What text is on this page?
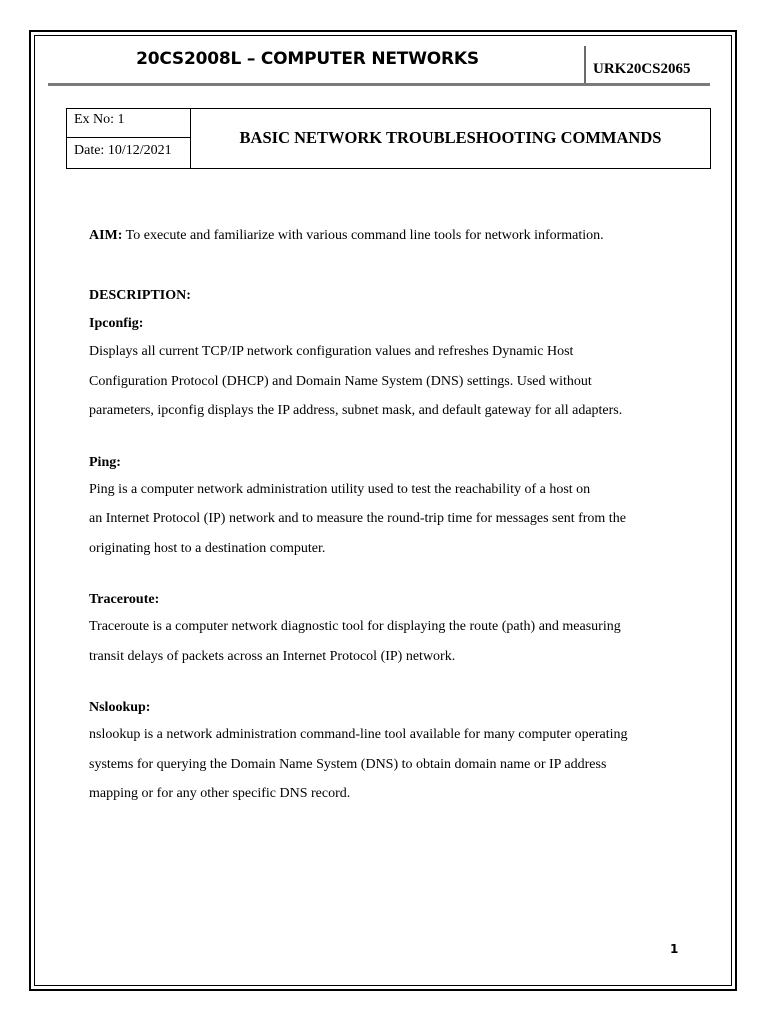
20CS2008L – COMPUTER NETWORKS	URK20CS2065
Ex No: 1
Date: 10/12/2021
BASIC NETWORK TROUBLESHOOTING COMMANDS

AIM: To execute and familiarize with various command line tools for network information.

DESCRIPTION:

Ipconfig:

Displays all current TCP/IP network configuration values and refreshes Dynamic Host

Configuration Protocol (DHCP) and Domain Name System (DNS) settings. Used without

parameters, ipconfig displays the IP address, subnet mask, and default gateway for all adapters.

Ping:

Ping is a computer network administration utility used to test the reachability of a host on

an Internet Protocol (IP) network and to measure the round-trip time for messages sent from the

originating host to a destination computer.

Traceroute:

Traceroute is a computer network diagnostic tool for displaying the route (path) and measuring

transit delays of packets across an Internet Protocol (IP) network.

Nslookup:

nslookup is a network administration command-line tool available for many computer operating

systems for querying the Domain Name System (DNS) to obtain domain name or IP address

mapping or for any other specific DNS record.

1
